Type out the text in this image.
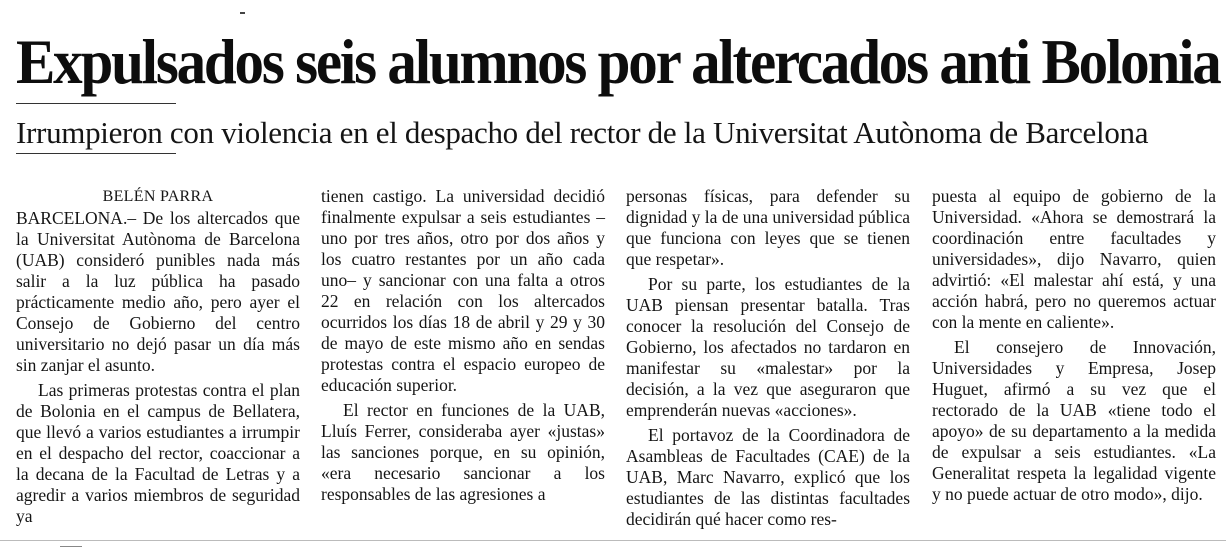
Expulsados seis alumnos por altercados anti Bolonia
Irrumpieron con violencia en el despacho del rector de la Universitat Autònoma de Barcelona
BELÉN PARRA

BARCELONA.– De los altercados que la Universitat Autònoma de Barcelona (UAB) consideró punibles nada más salir a la luz pública ha pasado prácticamente medio año, pero ayer el Consejo de Gobierno del centro universitario no dejó pasar un día más sin zanjar el asunto.

Las primeras protestas contra el plan de Bolonia en el campus de Bellatera, que llevó a varios estudiantes a irrumpir en el despacho del rector, coaccionar a la decana de la Facultad de Letras y a agredir a varios miembros de seguridad ya

tienen castigo. La universidad decidió finalmente expulsar a seis estudiantes –uno por tres años, otro por dos años y los cuatro restantes por un año cada uno– y sancionar con una falta a otros 22 en relación con los altercados ocurridos los días 18 de abril y 29 y 30 de mayo de este mismo año en sendas protestas contra el espacio europeo de educación superior.

El rector en funciones de la UAB, Lluís Ferrer, consideraba ayer «justas» las sanciones porque, en su opinión, «era necesario sancionar a los responsables de las agresiones a

personas físicas, para defender su dignidad y la de una universidad pública que funciona con leyes que se tienen que respetar».

Por su parte, los estudiantes de la UAB piensan presentar batalla. Tras conocer la resolución del Consejo de Gobierno, los afectados no tardaron en manifestar su «malestar» por la decisión, a la vez que aseguraron que emprenderán nuevas «acciones».

El portavoz de la Coordinadora de Asambleas de Facultades (CAE) de la UAB, Marc Navarro, explicó que los estudiantes de las distintas facultades decidirán qué hacer como res-

puesta al equipo de gobierno de la Universidad. «Ahora se demostrará la coordinación entre facultades y universidades», dijo Navarro, quien advirtió: «El malestar ahí está, y una acción habrá, pero no queremos actuar con la mente en caliente».

El consejero de Innovación, Universidades y Empresa, Josep Huguet, afirmó a su vez que el rectorado de la UAB «tiene todo el apoyo» de su departamento a la medida de expulsar a seis estudiantes. «La Generalitat respeta la legalidad vigente y no puede actuar de otro modo», dijo.
